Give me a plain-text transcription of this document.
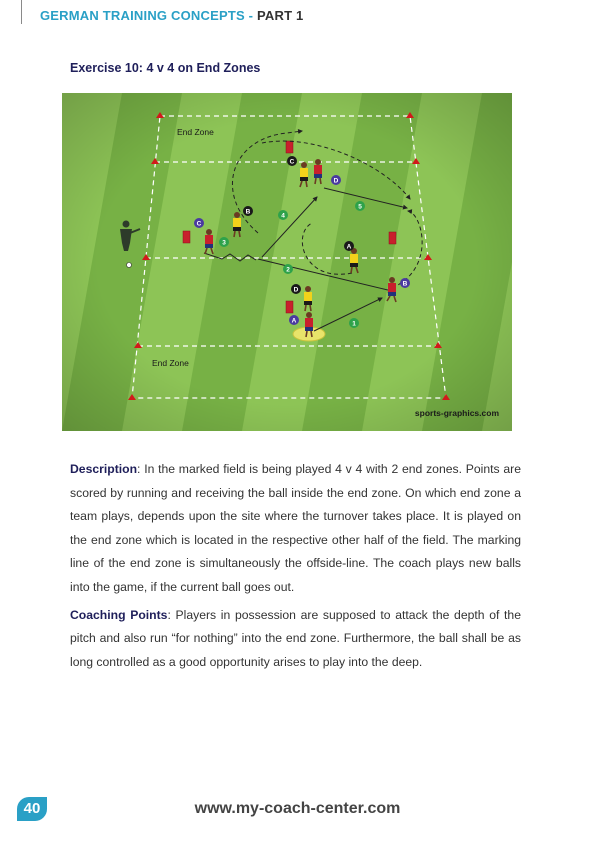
GERMAN TRAINING CONCEPTS - PART 1
Exercise 10: 4 v 4 on End Zones
End Zone
End Zone
sports-graphics.com
C
D
C
B
A
B
D
A	1
2
3
4
5

Description: In the marked field is being played 4 v 4 with 2 end zones. Points are scored by running and receiving the ball inside the end zone. On which end zone a team plays, depends upon the site where the turnover takes place. It is played on the end zone which is located in the respective other half of the field. The marking line of the end zone is simultaneously the offside-line. The coach plays new balls into the game, if the current ball goes out.

Coaching Points: Players in possession are supposed to attack the depth of the pitch and also run “for nothing” into the end zone. Furthermore, the ball shall be as long controlled as a good opportunity arises to play into the deep.

40	www.my-coach-center.com
